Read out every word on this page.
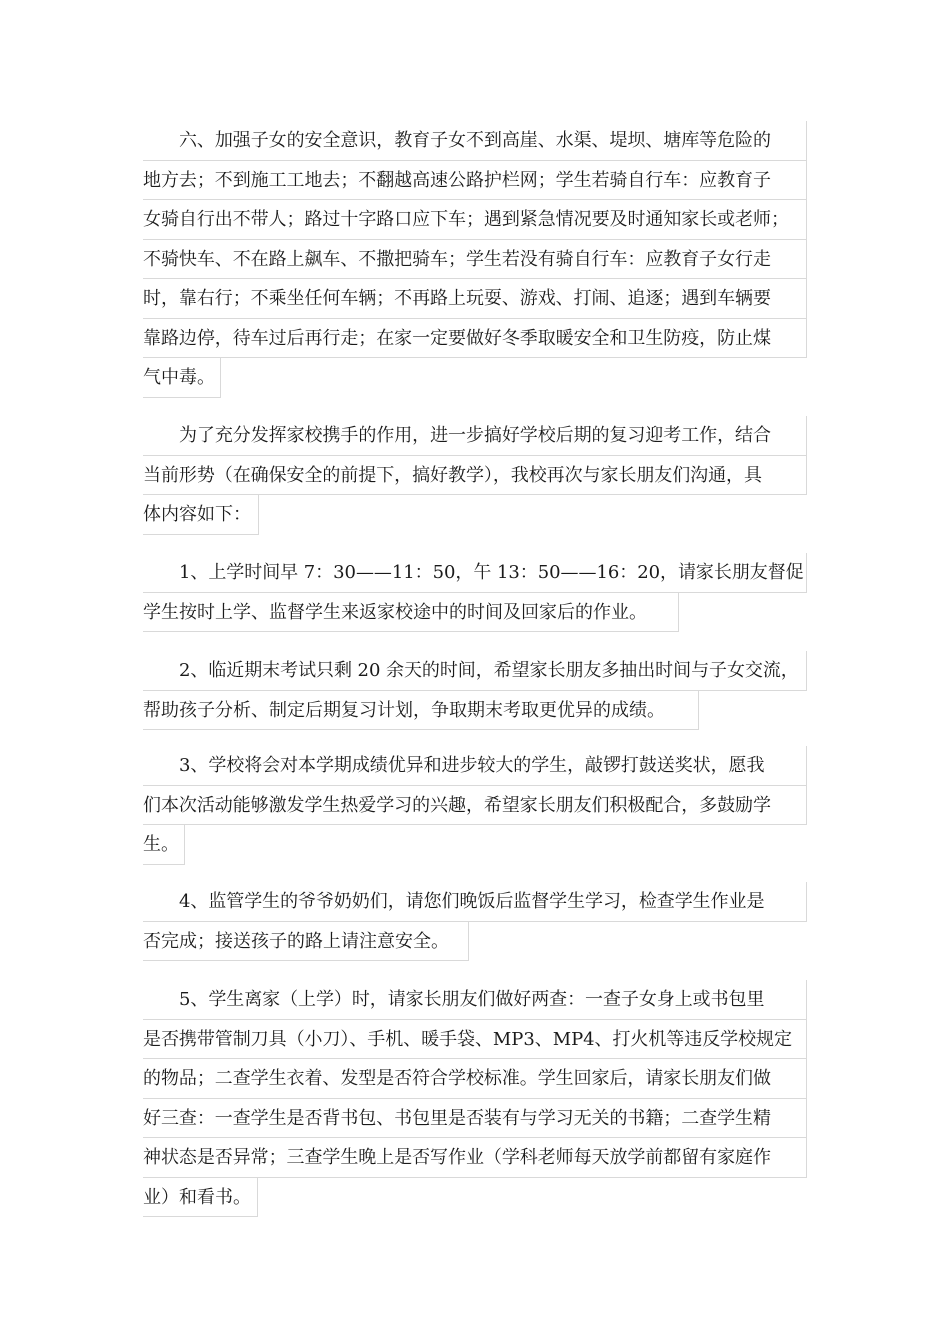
六、加强子女的安全意识，教育子女不到高崖、水渠、堤坝、塘库等危险的
地方去；不到施工工地去；不翻越高速公路护栏网；学生若骑自行车：应教育子
女骑自行出不带人；路过十字路口应下车；遇到紧急情况要及时通知家长或老师；
不骑快车、不在路上飙车、不撒把骑车；学生若没有骑自行车：应教育子女行走
时，靠右行；不乘坐任何车辆；不再路上玩耍、游戏、打闹、追逐；遇到车辆要
靠路边停，待车过后再行走；在家一定要做好冬季取暖安全和卫生防疫，防止煤
气中毒。
为了充分发挥家校携手的作用，进一步搞好学校后期的复习迎考工作，结合
当前形势（在确保安全的前提下，搞好教学），我校再次与家长朋友们沟通，具
体内容如下：
1、上学时间早 7：30——11：50，午 13：50——16：20，请家长朋友督促
学生按时上学、监督学生来返家校途中的时间及回家后的作业。
2、临近期末考试只剩 20 余天的时间，希望家长朋友多抽出时间与子女交流，
帮助孩子分析、制定后期复习计划，争取期末考取更优异的成绩。
3、学校将会对本学期成绩优异和进步较大的学生，敲锣打鼓送奖状，愿我
们本次活动能够激发学生热爱学习的兴趣，希望家长朋友们积极配合，多鼓励学
生。
4、监管学生的爷爷奶奶们，请您们晚饭后监督学生学习，检查学生作业是
否完成；接送孩子的路上请注意安全。
5、学生离家（上学）时，请家长朋友们做好两查：一查子女身上或书包里
是否携带管制刀具（小刀）、手机、暖手袋、MP3、MP4、打火机等违反学校规定
的物品；二查学生衣着、发型是否符合学校标准。学生回家后，请家长朋友们做
好三查：一查学生是否背书包、书包里是否装有与学习无关的书籍；二查学生精
神状态是否异常；三查学生晚上是否写作业（学科老师每天放学前都留有家庭作
业）和看书。
